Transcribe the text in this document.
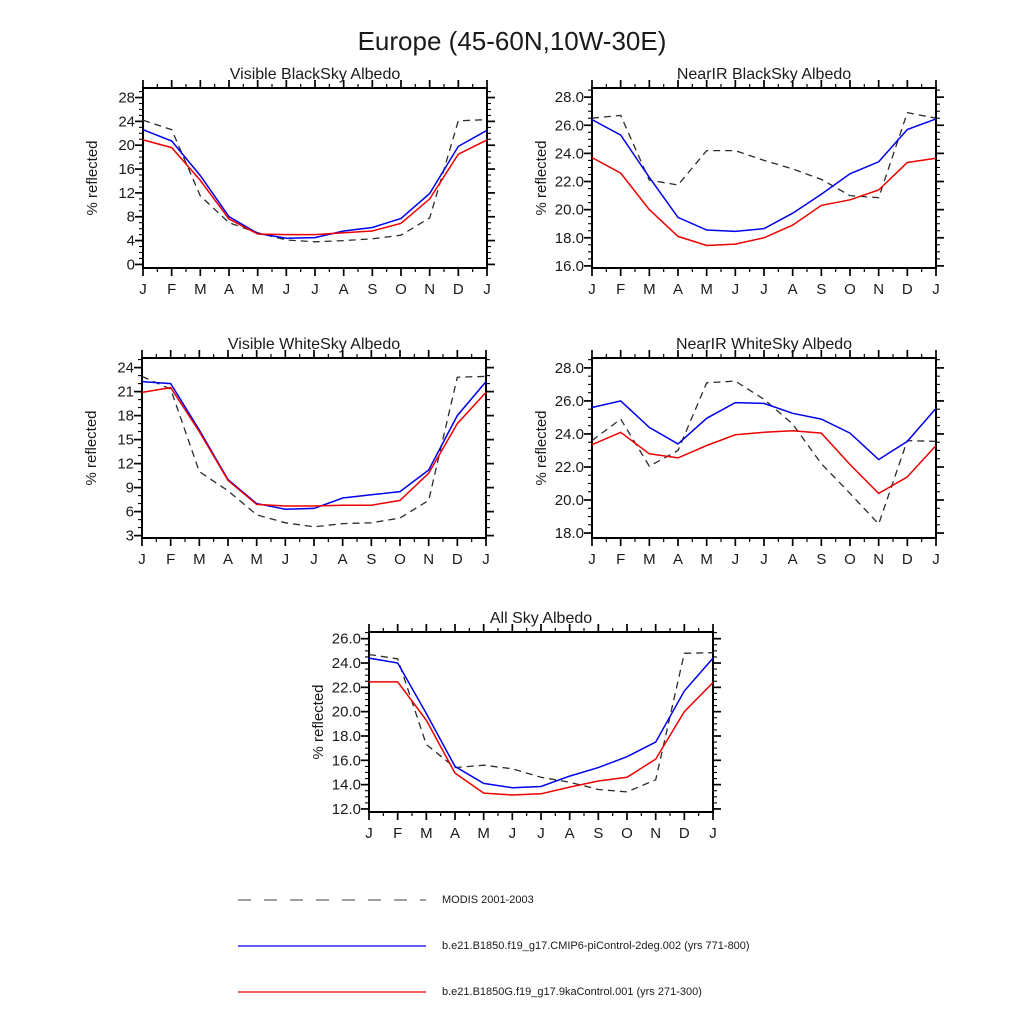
Europe (45-60N,10W-30E)
0
4
8
12
16
20
24
28
J F M A M J J A S O N D J
Visible BlackSky Albedo
% reflected
16.0
18.0
20.0
22.0
24.0
26.0
28.0
J F M A M J J A S O N D J
NearIR BlackSky Albedo
% reflected
3
6
9
12
15
18
21
24
J F M A M J J A S O N D J
Visible WhiteSky Albedo
% reflected
18.0
20.0
22.0
24.0
26.0
28.0
J F M A M J J A S O N D J
NearIR WhiteSky Albedo
% reflected
12.0
14.0
16.0
18.0
20.0
22.0
24.0
26.0
J F M A M J J A S O N D J
All Sky Albedo
% reflected
MODIS 2001-2003
b.e21.B1850.f19_g17.CMIP6-piControl-2deg.002 (yrs 771-800)
b.e21.B1850G.f19_g17.9kaControl.001 (yrs 271-300)
